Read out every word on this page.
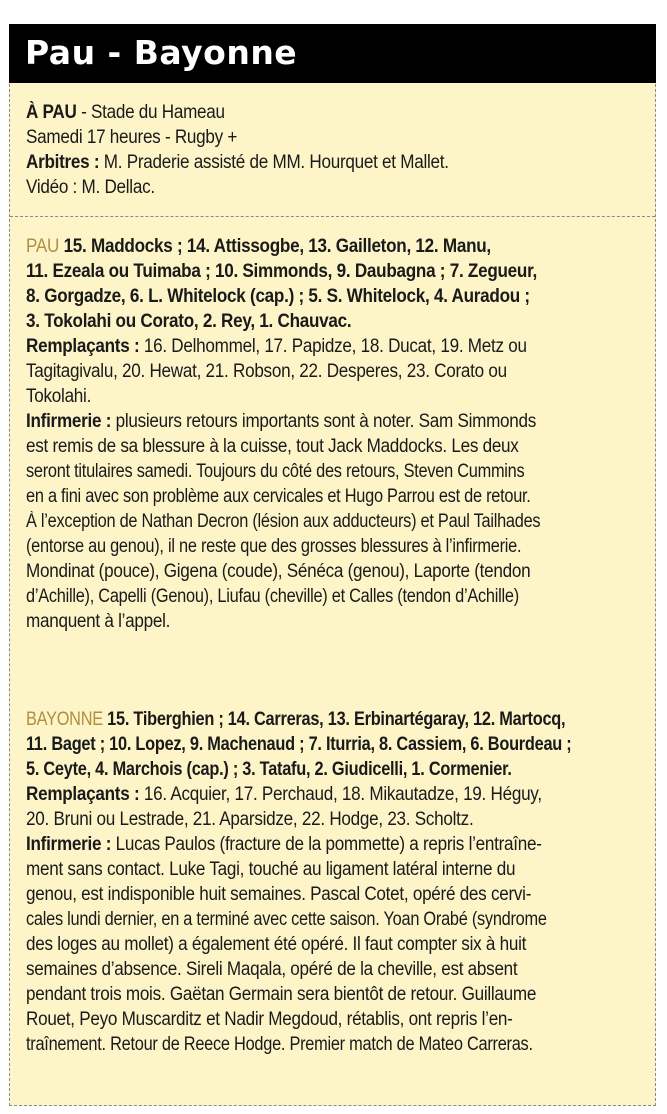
Pau - Bayonne
À PAU - Stade du Hameau
Samedi 17 heures - Rugby +
Arbitres : M. Praderie assisté de MM. Hourquet et Mallet.
Vidéo : M. Dellac.
PAU 15. Maddocks ; 14. Attissogbe, 13. Gailleton, 12. Manu,
11. Ezeala ou Tuimaba ; 10. Simmonds, 9. Daubagna ; 7. Zegueur,
8. Gorgadze, 6. L. Whitelock (cap.) ; 5. S. Whitelock, 4. Auradou ;
3. Tokolahi ou Corato, 2. Rey, 1. Chauvac.
Remplaçants : 16. Delhommel, 17. Papidze, 18. Ducat, 19. Metz ou
Tagitagivalu, 20. Hewat, 21. Robson, 22. Desperes, 23. Corato ou
Tokolahi.
Infirmerie : plusieurs retours importants sont à noter. Sam Simmonds
est remis de sa blessure à la cuisse, tout Jack Maddocks. Les deux
seront titulaires samedi. Toujours du côté des retours, Steven Cummins
en a fini avec son problème aux cervicales et Hugo Parrou est de retour.
À l’exception de Nathan Decron (lésion aux adducteurs) et Paul Tailhades
(entorse au genou), il ne reste que des grosses blessures à l’infirmerie.
Mondinat (pouce), Gigena (coude), Sénéca (genou), Laporte (tendon
d’Achille), Capelli (Genou), Liufau (cheville) et Calles (tendon d’Achille)
manquent à l’appel.
BAYONNE 15. Tiberghien ; 14. Carreras, 13. Erbinartégaray, 12. Martocq,
11. Baget ; 10. Lopez, 9. Machenaud ; 7. Iturria, 8. Cassiem, 6. Bourdeau ;
5. Ceyte, 4. Marchois (cap.) ; 3. Tatafu, 2. Giudicelli, 1. Cormenier.
Remplaçants : 16. Acquier, 17. Perchaud, 18. Mikautadze, 19. Héguy,
20. Bruni ou Lestrade, 21. Aparsidze, 22. Hodge, 23. Scholtz.
Infirmerie : Lucas Paulos (fracture de la pommette) a repris l’entraîne-
ment sans contact. Luke Tagi, touché au ligament latéral interne du
genou, est indisponible huit semaines. Pascal Cotet, opéré des cervi-
cales lundi dernier, en a terminé avec cette saison. Yoan Orabé (syndrome
des loges au mollet) a également été opéré. Il faut compter six à huit
semaines d’absence. Sireli Maqala, opéré de la cheville, est absent
pendant trois mois. Gaëtan Germain sera bientôt de retour. Guillaume
Rouet, Peyo Muscarditz et Nadir Megdoud, rétablis, ont repris l’en-
traînement. Retour de Reece Hodge. Premier match de Mateo Carreras.
